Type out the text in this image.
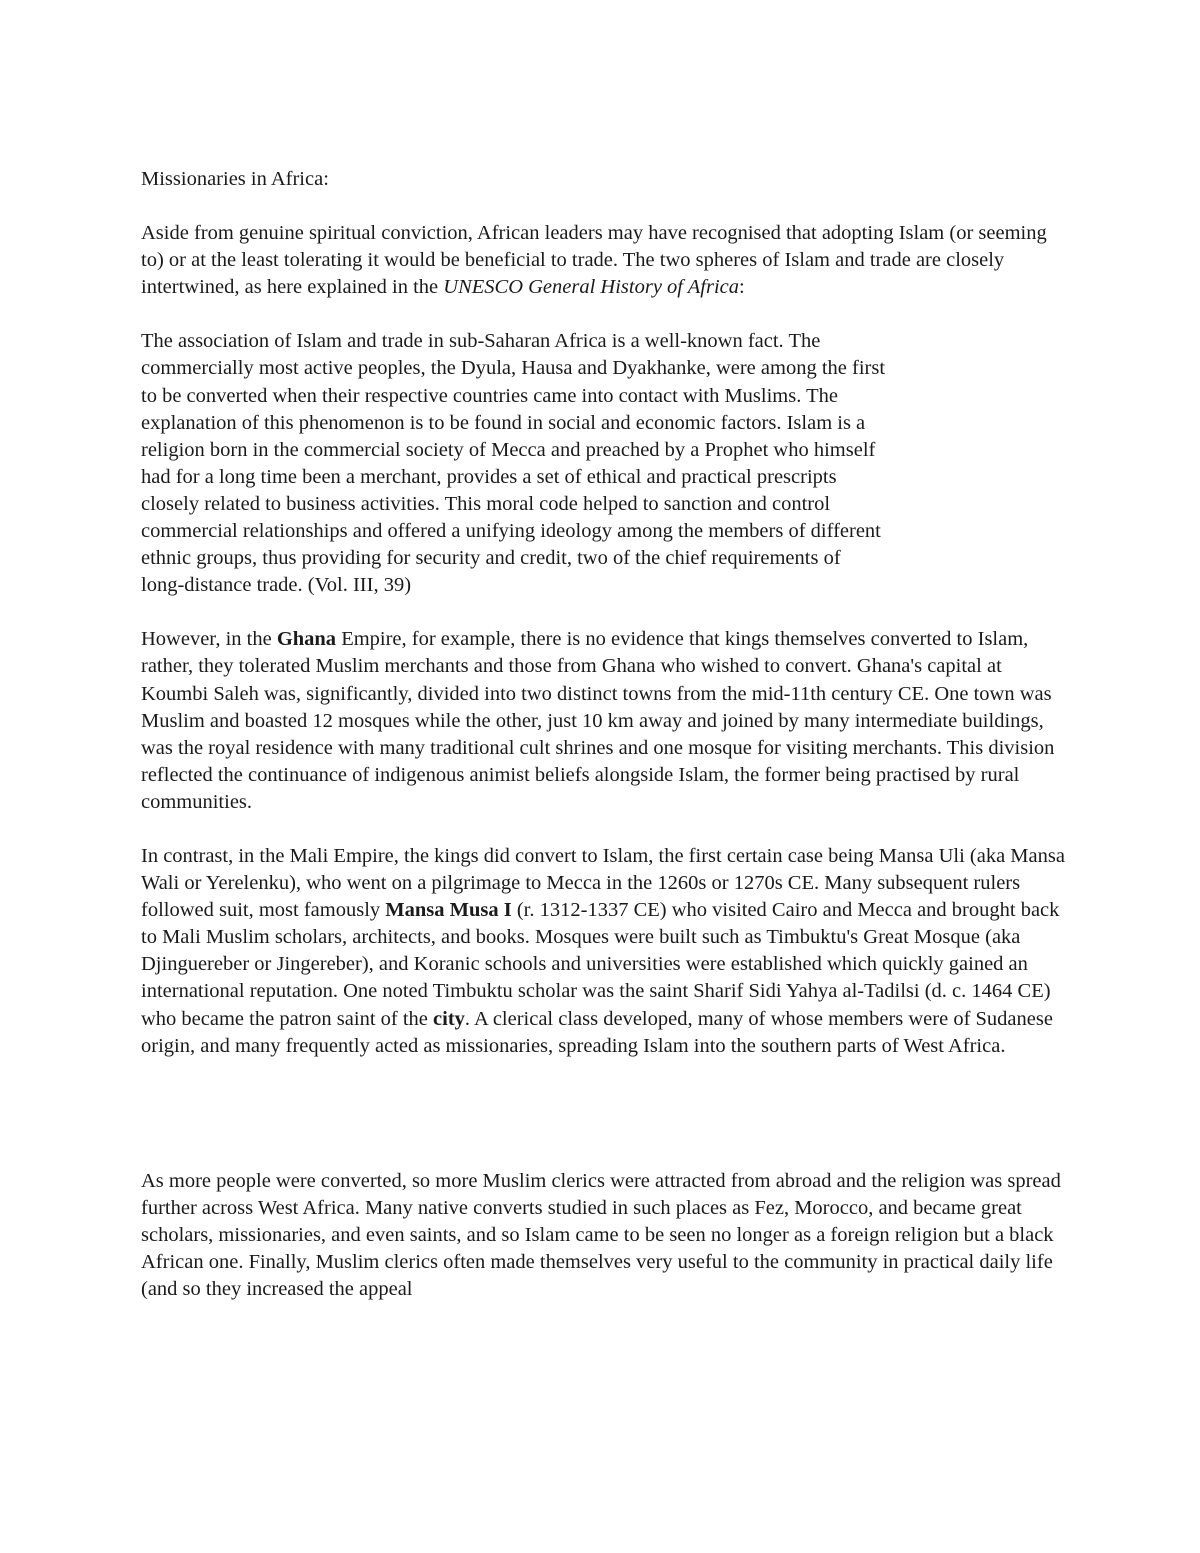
Missionaries in Africa:

Aside from genuine spiritual conviction, African leaders may have recognised that adopting Islam (or seeming to) or at the least tolerating it would be beneficial to trade. The two spheres of Islam and trade are closely intertwined, as here explained in the UNESCO General History of Africa:

The association of Islam and trade in sub-Saharan Africa is a well-known fact. The
commercially most active peoples, the Dyula, Hausa and Dyakhanke, were among the first
to be converted when their respective countries came into contact with Muslims. The
explanation of this phenomenon is to be found in social and economic factors. Islam is a
religion born in the commercial society of Mecca and preached by a Prophet who himself
had for a long time been a merchant, provides a set of ethical and practical prescripts
closely related to business activities. This moral code helped to sanction and control
commercial relationships and offered a unifying ideology among the members of different
ethnic groups, thus providing for security and credit, two of the chief requirements of
long-distance trade. (Vol. III, 39)

However, in the Ghana Empire, for example, there is no evidence that kings themselves converted to Islam, rather, they tolerated Muslim merchants and those from Ghana who wished to convert. Ghana's capital at Koumbi Saleh was, significantly, divided into two distinct towns from the mid-11th century CE. One town was Muslim and boasted 12 mosques while the other, just 10 km away and joined by many intermediate buildings, was the royal residence with many traditional cult shrines and one mosque for visiting merchants. This division reflected the continuance of indigenous animist beliefs alongside Islam, the former being practised by rural communities.

In contrast, in the Mali Empire, the kings did convert to Islam, the first certain case being Mansa Uli (aka Mansa Wali or Yerelenku), who went on a pilgrimage to Mecca in the 1260s or 1270s CE. Many subsequent rulers followed suit, most famously Mansa Musa I (r. 1312-1337 CE) who visited Cairo and Mecca and brought back to Mali Muslim scholars, architects, and books. Mosques were built such as Timbuktu's Great Mosque (aka Djinguereber or Jingereber), and Koranic schools and universities were established which quickly gained an international reputation. One noted Timbuktu scholar was the saint Sharif Sidi Yahya al-Tadilsi (d. c. 1464 CE) who became the patron saint of the city. A clerical class developed, many of whose members were of Sudanese origin, and many frequently acted as missionaries, spreading Islam into the southern parts of West Africa.

As more people were converted, so more Muslim clerics were attracted from abroad and the religion was spread further across West Africa. Many native converts studied in such places as Fez, Morocco, and became great scholars, missionaries, and even saints, and so Islam came to be seen no longer as a foreign religion but a black African one. Finally, Muslim clerics often made themselves very useful to the community in practical daily life (and so they increased the appeal
